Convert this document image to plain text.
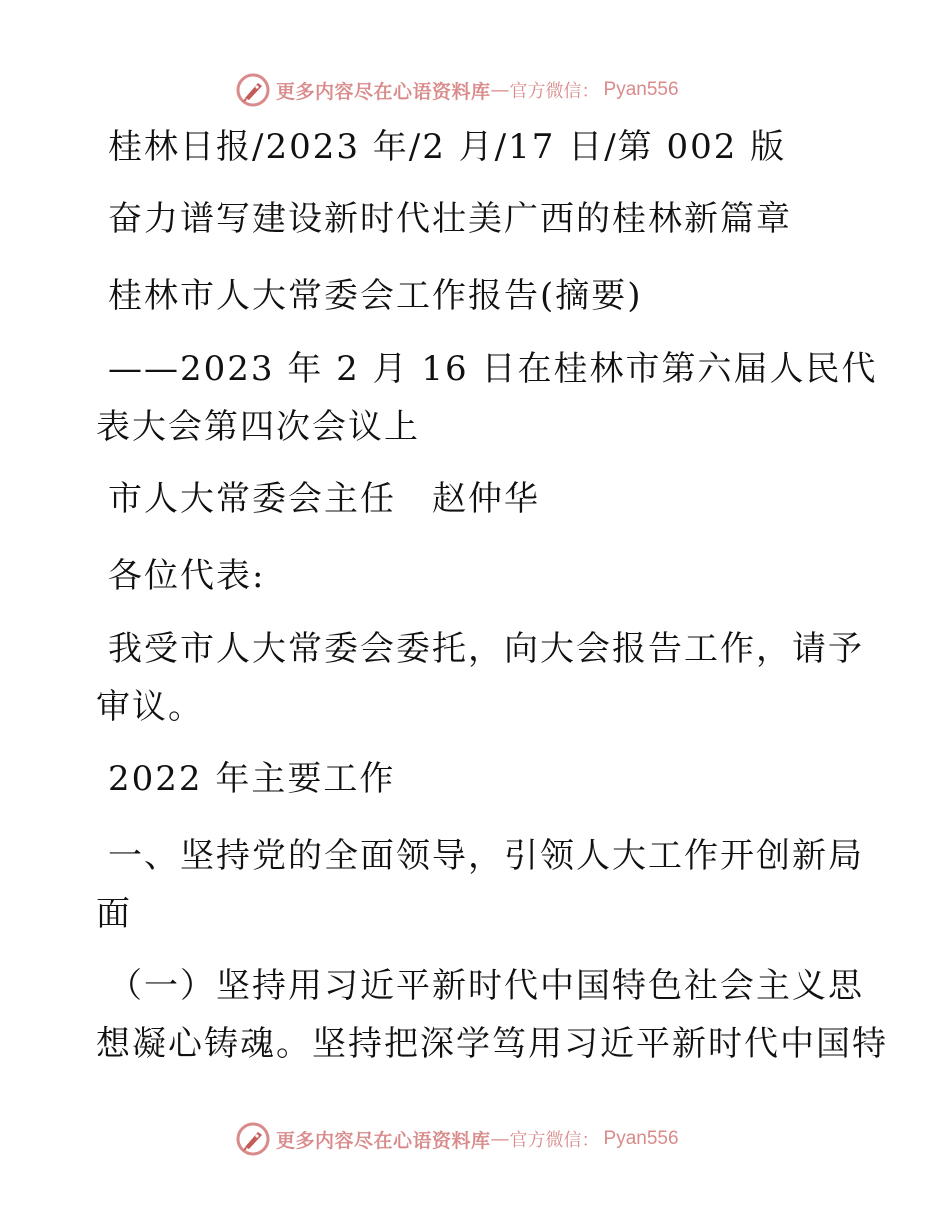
更多内容尽在心语资料库 — 官方微信： Pyan556

桂林日报/2023 年/2 月/17 日/第 002 版

奋力谱写建设新时代壮美广西的桂林新篇章

桂林市人大常委会工作报告(摘要)

——2023 年 2 月 16 日在桂林市第六届人民代

表大会第四次会议上

市人大常委会主任　赵仲华

各位代表:

我受市人大常委会委托，向大会报告工作，请予

审议。

2022 年主要工作

一、坚持党的全面领导，引领人大工作开创新局

面

（一）坚持用习近平新时代中国特色社会主义思

想凝心铸魂。坚持把深学笃用习近平新时代中国特

更多内容尽在心语资料库 — 官方微信： Pyan556
